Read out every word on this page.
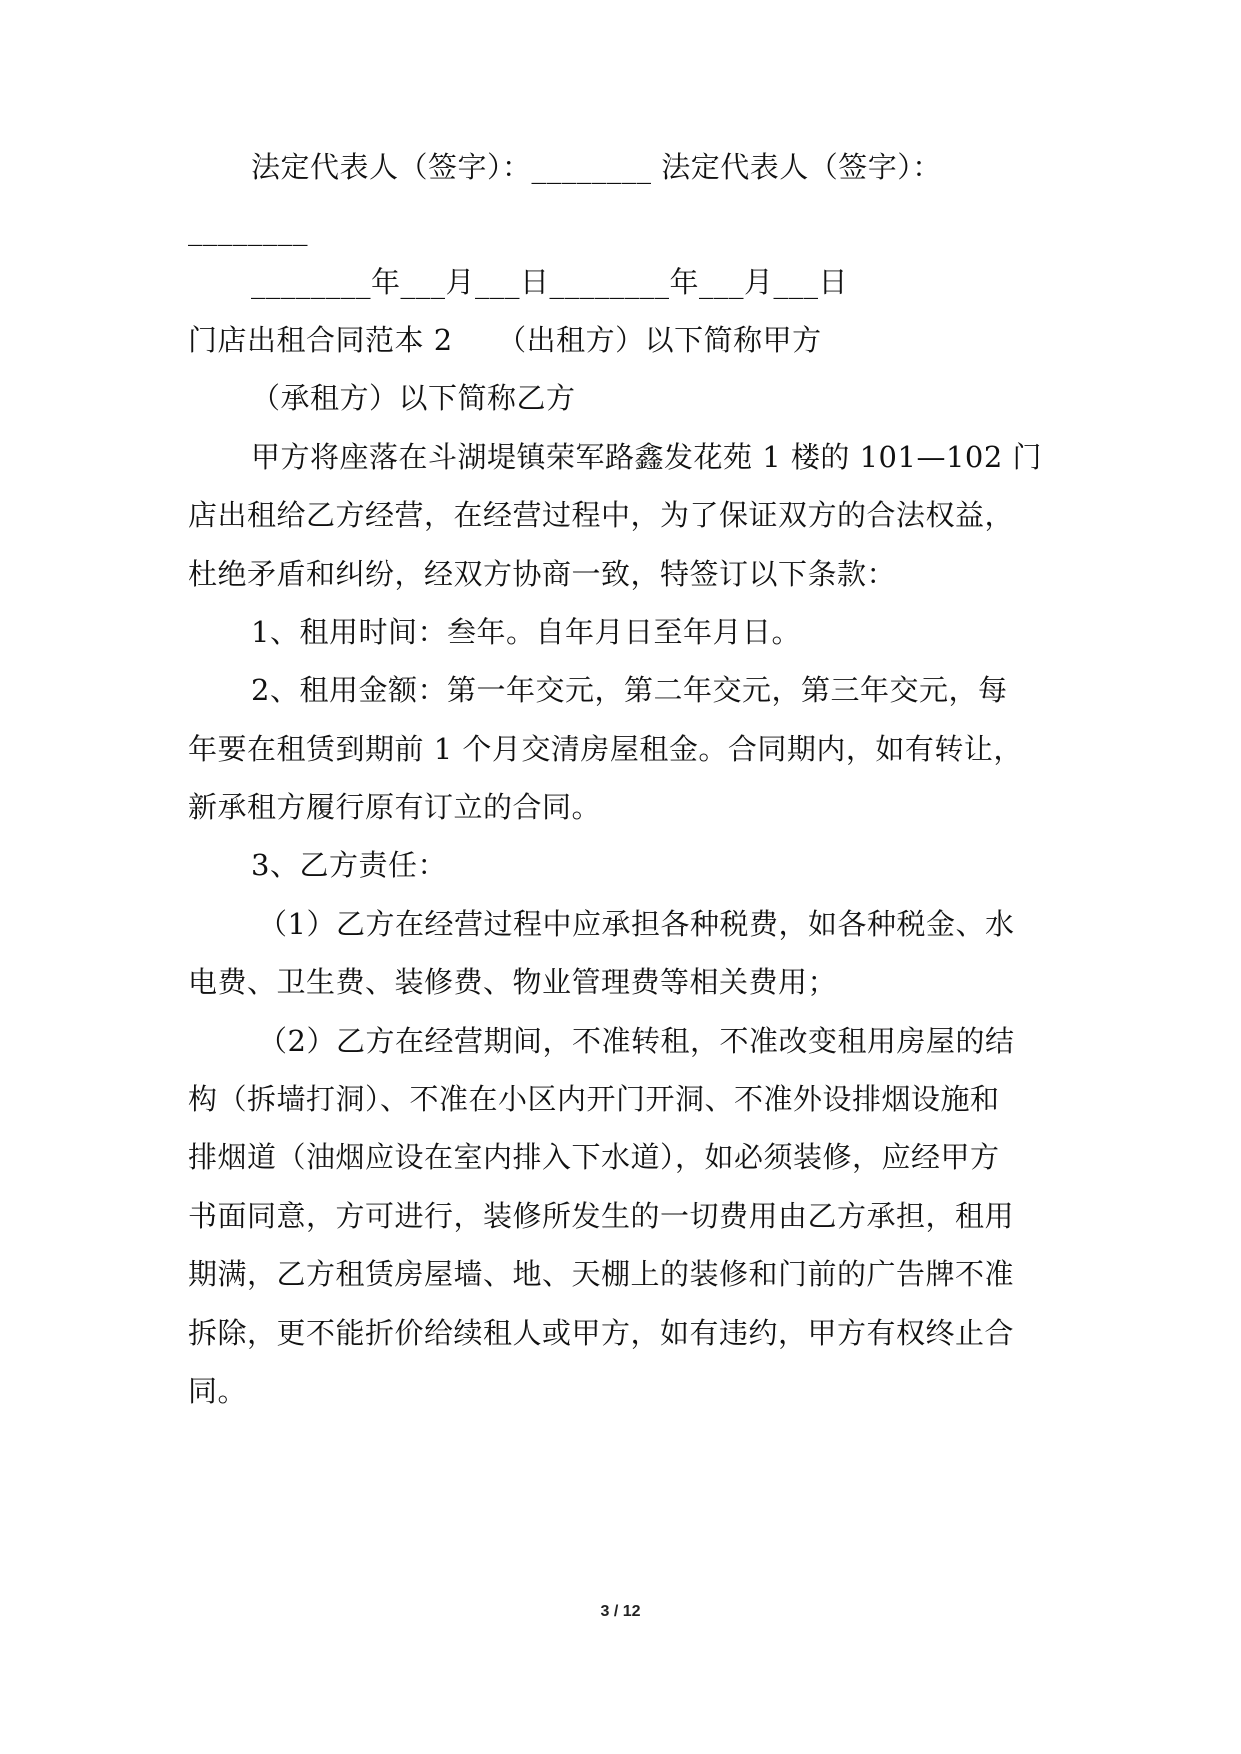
法定代表人（签字）：________ 法定代表人（签字）：
________
________年___月___日________年___月___日
门店出租合同范本 2　　（出租方）以下简称甲方
（承租方）以下简称乙方
甲方将座落在斗湖堤镇荣军路鑫发花苑 1 楼的 101—102 门
店出租给乙方经营，在经营过程中，为了保证双方的合法权益，
杜绝矛盾和纠纷，经双方协商一致，特签订以下条款：
1、租用时间：叁年。自年月日至年月日。
2、租用金额：第一年交元，第二年交元，第三年交元，每
年要在租赁到期前 1 个月交清房屋租金。合同期内，如有转让，
新承租方履行原有订立的合同。
3、乙方责任：
（1）乙方在经营过程中应承担各种税费，如各种税金、水
电费、卫生费、装修费、物业管理费等相关费用；
（2）乙方在经营期间，不准转租，不准改变租用房屋的结
构（拆墙打洞）、不准在小区内开门开洞、不准外设排烟设施和
排烟道（油烟应设在室内排入下水道），如必须装修，应经甲方
书面同意，方可进行，装修所发生的一切费用由乙方承担，租用
期满，乙方租赁房屋墙、地、天棚上的装修和门前的广告牌不准
拆除，更不能折价给续租人或甲方，如有违约，甲方有权终止合
同。
3 / 12
